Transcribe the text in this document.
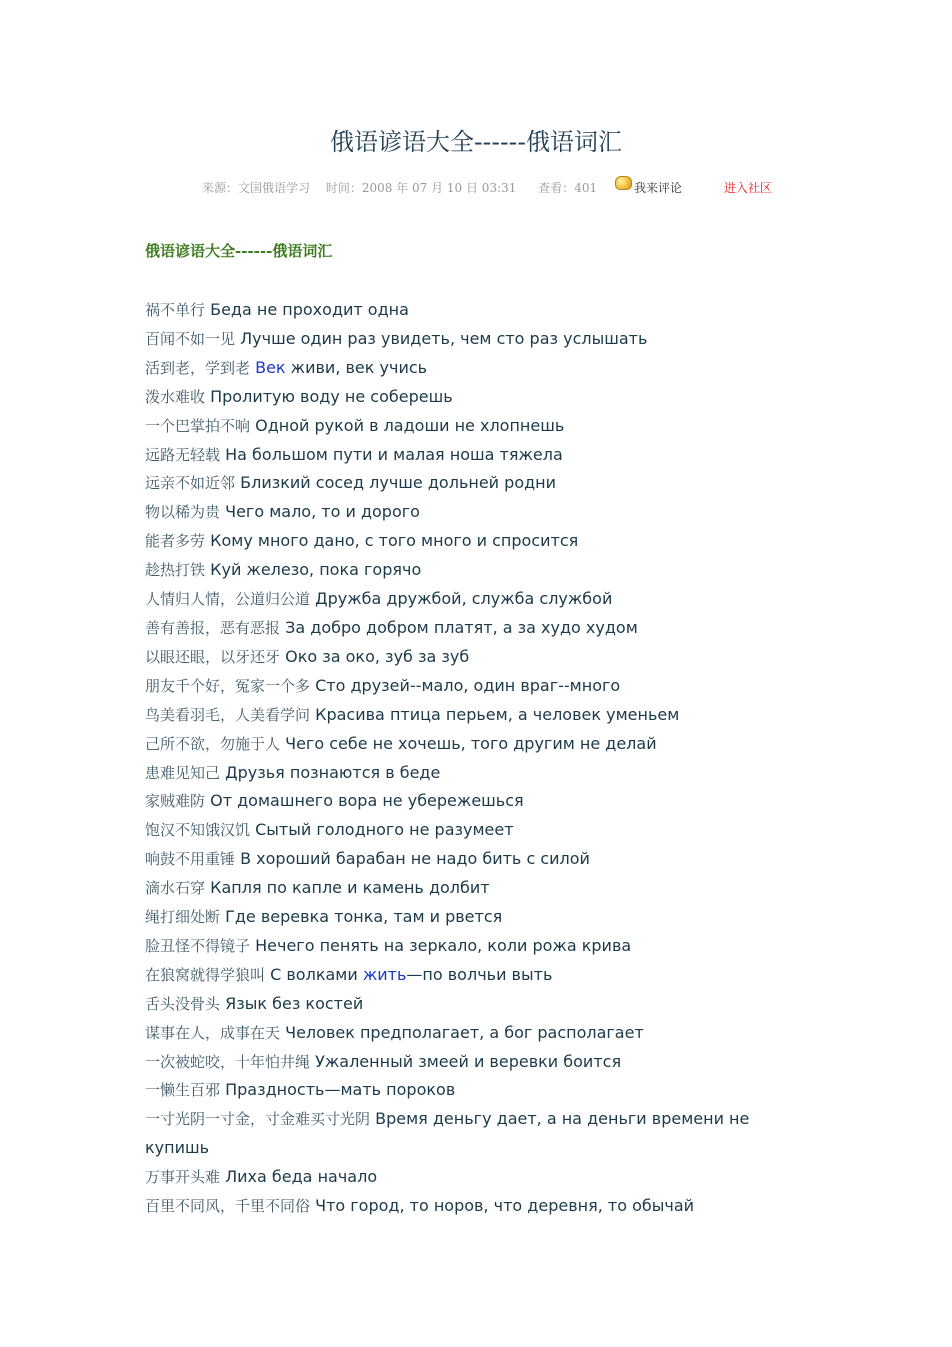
俄语谚语大全------俄语词汇
来源：文国俄语学习 时间：2008 年 07 月 10 日 03:31 查看：401	我来评论	进入社区
俄语谚语大全------俄语词汇
祸不单行 Беда не проходит одна
百闻不如一见 Лучше один раз увидеть, чем сто раз услышать
活到老，学到老 Век живи, век учись
泼水难收 Пролитую воду не соберешь
一个巴掌拍不响 Одной рукой в ладоши не хлопнешь
远路无轻载 На большом пути и малая ноша тяжела
远亲不如近邻 Близкий сосед лучше дольней родни
物以稀为贵 Чего мало, то и дорого
能者多劳 Кому много дано, с того много и спросится
趁热打铁 Куй железо, пока горячо
人情归人情，公道归公道 Дружба дружбой, служба службой
善有善报，恶有恶报 За добро добром платят, а за худо худом
以眼还眼，以牙还牙 Око за око, зуб за зуб
朋友千个好，冤家一个多 Сто друзей--мало, один враг--много
鸟美看羽毛，人美看学问 Красива птица перьем, а человек уменьем
己所不欲，勿施于人 Чего себе не хочешь, того другим не делай
患难见知己 Друзья познаются в беде
家贼难防 От домашнего вора не убережешься
饱汉不知饿汉饥 Сытый голодного не разумеет
响鼓不用重锤 В хороший барабан не надо бить с силой
滴水石穿 Капля по капле и камень долбит
绳打细处断 Где веревка тонка, там и рвется
脸丑怪不得镜子 Нечего пенять на зеркало, коли рожа крива
在狼窝就得学狼叫 С волками жить—по волчьи выть
舌头没骨头 Язык без костей
谋事在人，成事在天 Человек предполагает, а бог располагает
一次被蛇咬，十年怕井绳 Ужаленный змеей и веревки боится
一懒生百邪 Праздность—мать пороков
一寸光阴一寸金，寸金难买寸光阴 Время деньгу дает, а на деньги времени не купишь
万事开头难 Лиха беда начало
百里不同风，千里不同俗 Что город, то норов, что деревня, то обычай
